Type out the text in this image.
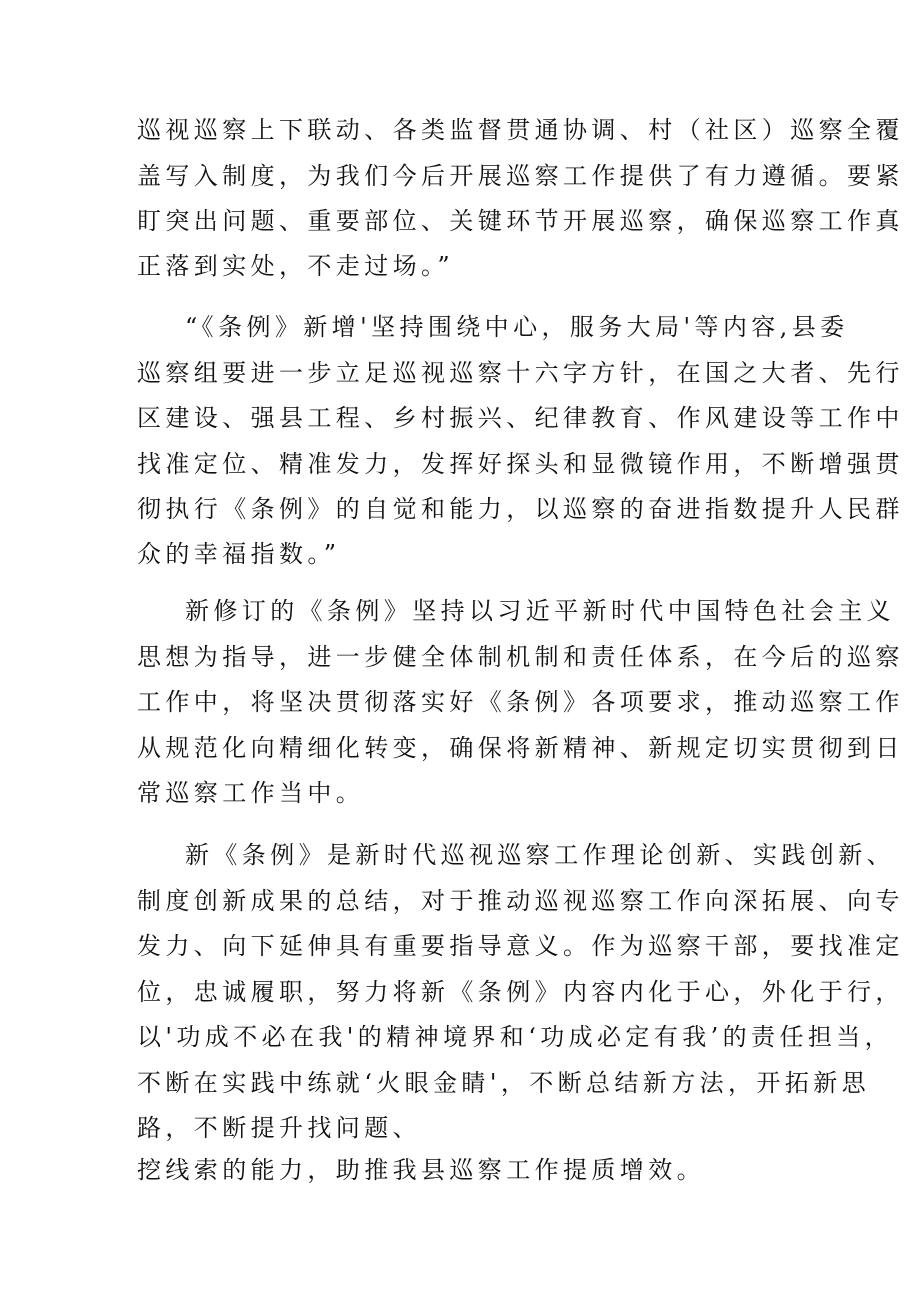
巡视巡察上下联动、各类监督贯通协调、村（社区）巡察全覆
盖写入制度，为我们今后开展巡察工作提供了有力遵循。要紧
盯突出问题、重要部位、关键环节开展巡察，确保巡察工作真
正落到实处，不走过场。”
“《条例》新增'坚持围绕中心，服务大局'等内容,县委
巡察组要进一步立足巡视巡察十六字方针，在国之大者、先行
区建设、强县工程、乡村振兴、纪律教育、作风建设等工作中
找准定位、精准发力，发挥好探头和显微镜作用，不断增强贯
彻执行《条例》的自觉和能力，以巡察的奋进指数提升人民群
众的幸福指数。”
新修订的《条例》坚持以习近平新时代中国特色社会主义
思想为指导，进一步健全体制机制和责任体系，在今后的巡察
工作中，将坚决贯彻落实好《条例》各项要求，推动巡察工作
从规范化向精细化转变，确保将新精神、新规定切实贯彻到日
常巡察工作当中。
新《条例》是新时代巡视巡察工作理论创新、实践创新、
制度创新成果的总结，对于推动巡视巡察工作向深拓展、向专
发力、向下延伸具有重要指导意义。作为巡察干部，要找准定
位，忠诚履职，努力将新《条例》内容内化于心，外化于行，
以'功成不必在我'的精神境界和‘功成必定有我’的责任担当，
不断在实践中练就‘火眼金睛'，不断总结新方法，开拓新思
路，不断提升找问题、
挖线索的能力，助推我县巡察工作提质增效。
